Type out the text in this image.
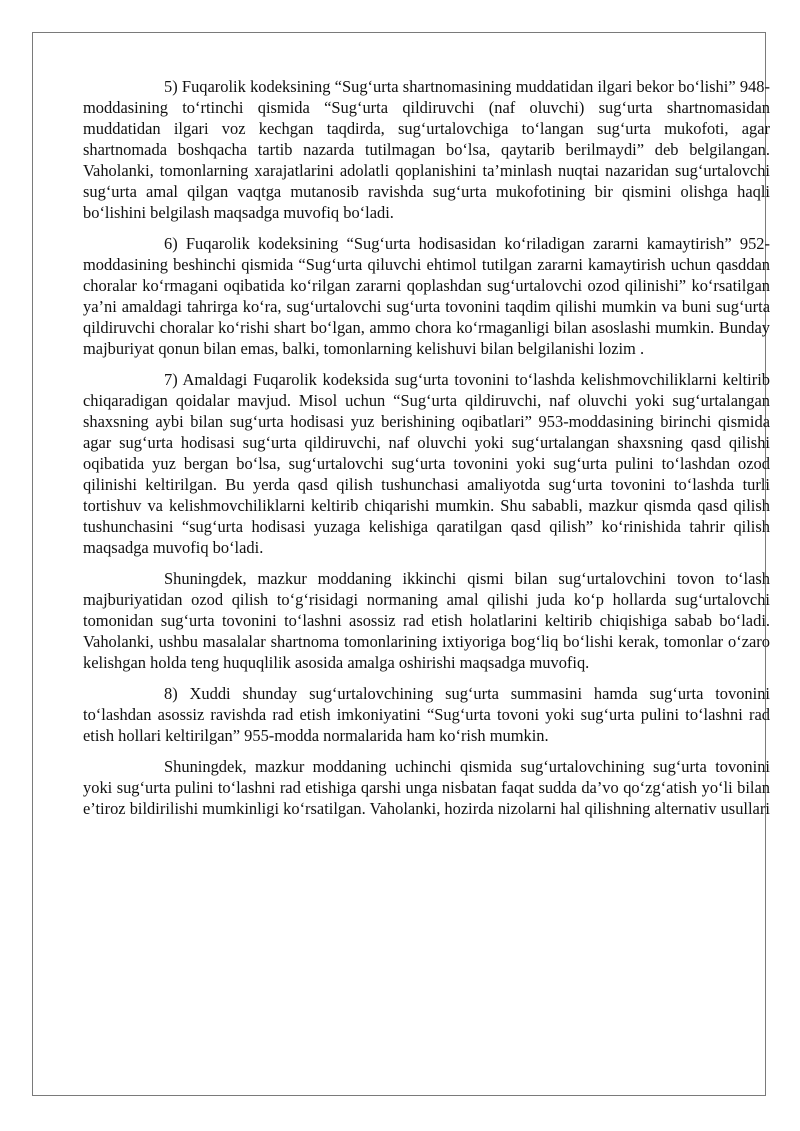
5) Fuqarolik kodeksining “Sug‘urta shartnomasining muddatidan ilgari bekor bo‘lishi” 948-moddasining to‘rtinchi qismida “Sug‘urta qildiruvchi (naf oluvchi) sug‘urta shartnomasidan muddatidan ilgari voz kechgan taqdirda, sug‘urtalovchiga to‘langan sug‘urta mukofoti, agar shartnomada boshqacha tartib nazarda tutilmagan bo‘lsa, qaytarib berilmaydi” deb belgilangan. Vaholanki, tomonlarning xarajatlarini adolatli qoplanishini ta’minlash nuqtai nazaridan sug‘urtalovchi sug‘urta amal qilgan vaqtga mutanosib ravishda sug‘urta mukofotining bir qismini olishga haqli bo‘lishini belgilash maqsadga muvofiq bo‘ladi.

6) Fuqarolik kodeksining “Sug‘urta hodisasidan ko‘riladigan zararni kamaytirish” 952-moddasining beshinchi qismida “Sug‘urta qiluvchi ehtimol tutilgan zararni kamaytirish uchun qasddan choralar ko‘rmagani oqibatida ko‘rilgan zararni qoplashdan sug‘urtalovchi ozod qilinishi” ko‘rsatilgan ya’ni amaldagi tahrirga ko‘ra, sug‘urtalovchi sug‘urta tovonini taqdim qilishi mumkin va buni sug‘urta qildiruvchi choralar ko‘rishi shart bo‘lgan, ammo chora ko‘rmaganligi bilan asoslashi mumkin. Bunday majburiyat qonun bilan emas, balki, tomonlarning kelishuvi bilan belgilanishi lozim .

7) Amaldagi Fuqarolik kodeksida sug‘urta tovonini to‘lashda kelishmovchiliklarni keltirib chiqaradigan qoidalar mavjud. Misol uchun “Sug‘urta qildiruvchi, naf oluvchi yoki sug‘urtalangan shaxsning aybi bilan sug‘urta hodisasi yuz berishining oqibatlari” 953-moddasining birinchi qismida agar sug‘urta hodisasi sug‘urta qildiruvchi, naf oluvchi yoki sug‘urtalangan shaxsning qasd qilishi oqibatida yuz bergan bo‘lsa, sug‘urtalovchi sug‘urta tovonini yoki sug‘urta pulini to‘lashdan ozod qilinishi keltirilgan. Bu yerda qasd qilish tushunchasi amaliyotda sug‘urta tovonini to‘lashda turli tortishuv va kelishmovchiliklarni keltirib chiqarishi mumkin. Shu sababli, mazkur qismda qasd qilish tushunchasini “sug‘urta hodisasi yuzaga kelishiga qaratilgan qasd qilish” ko‘rinishida tahrir qilish maqsadga muvofiq bo‘ladi.

Shuningdek, mazkur moddaning ikkinchi qismi bilan sug‘urtalovchini tovon to‘lash majburiyatidan ozod qilish to‘g‘risidagi normaning amal qilishi juda ko‘p hollarda sug‘urtalovchi tomonidan sug‘urta tovonini to‘lashni asossiz rad etish holatlarini keltirib chiqishiga sabab bo‘ladi. Vaholanki, ushbu masalalar shartnoma tomonlarining ixtiyoriga bog‘liq bo‘lishi kerak, tomonlar o‘zaro kelishgan holda teng huquqlilik asosida amalga oshirishi maqsadga muvofiq.

8) Xuddi shunday sug‘urtalovchining sug‘urta summasini hamda sug‘urta tovonini to‘lashdan asossiz ravishda rad etish imkoniyatini “Sug‘urta tovoni yoki sug‘urta pulini to‘lashni rad etish hollari keltirilgan” 955-modda normalarida ham ko‘rish mumkin.

Shuningdek, mazkur moddaning uchinchi qismida sug‘urtalovchining sug‘urta tovonini yoki sug‘urta pulini to‘lashni rad etishiga qarshi unga nisbatan faqat sudda da’vo qo‘zg‘atish yo‘li bilan e’tiroz bildirilishi mumkinligi ko‘rsatilgan. Vaholanki, hozirda nizolarni hal qilishning alternativ usullari
